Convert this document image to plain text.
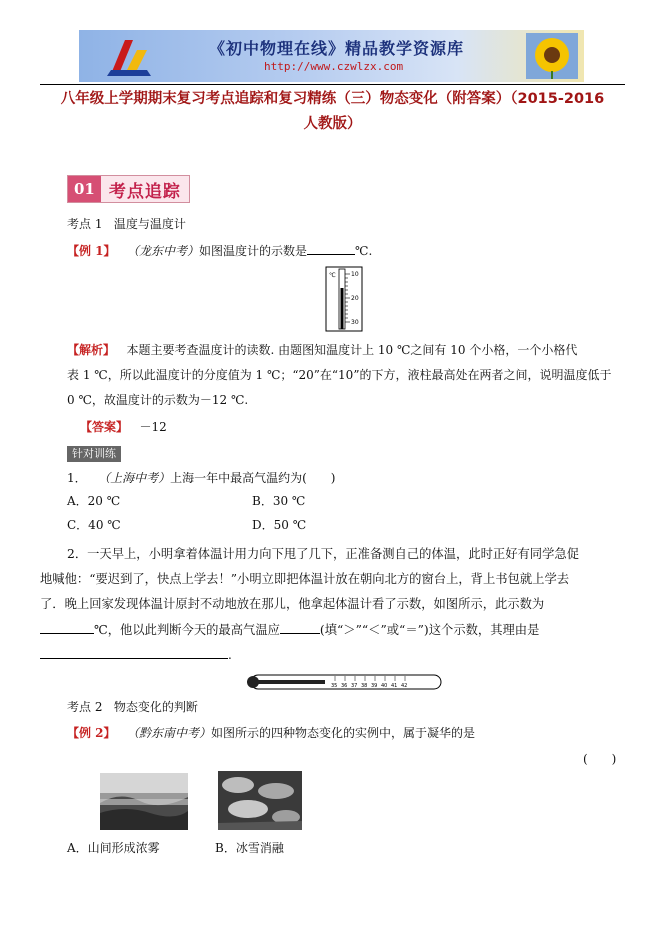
《初中物理在线》精品教学资源库
http://www.czwlzx.com
八年级上学期期末复习考点追踪和复习精练（三）物态变化（附答案）（2015-2016
人教版）
01 考点追踪
考点 1 温度与温度计
【例 1】 （龙东中考）如图温度计的示数是	℃.
℃	10
20
30
【解析】 本题主要考查温度计的读数. 由题图知温度计上 10 ℃之间有 10 个小格，一个小格代
表 1 ℃，所以此温度计的分度值为 1 ℃；“20”在“10”的下方，液柱最高处在两者之间，说明温度低于
0 ℃，故温度计的示数为－12 ℃.
【答案】 －12
针对训练
1． （上海中考）上海一年中最高气温约为(　　)
A．20 ℃	B．30 ℃
C．40 ℃	D．50 ℃
2．一天早上，小明拿着体温计用力向下甩了几下，正准备测自己的体温，此时正好有同学急促
地喊他：“要迟到了，快点上学去！”小明立即把体温计放在朝向北方的窗台上，背上书包就上学去
了．晚上回家发现体温计原封不动地放在那儿，他拿起体温计看了示数，如图所示，此示数为
℃，他以此判断今天的最高气温应	(填“＞”“＜”或“＝”)这个示数，其理由是
.
35 36 37 38 39 40 41 42
考点 2 物态变化的判断
【例 2】 （黔东南中考）如图所示的四种物态变化的实例中，属于凝华的是
(　　)
A．山间形成浓雾	B．冰雪消融
